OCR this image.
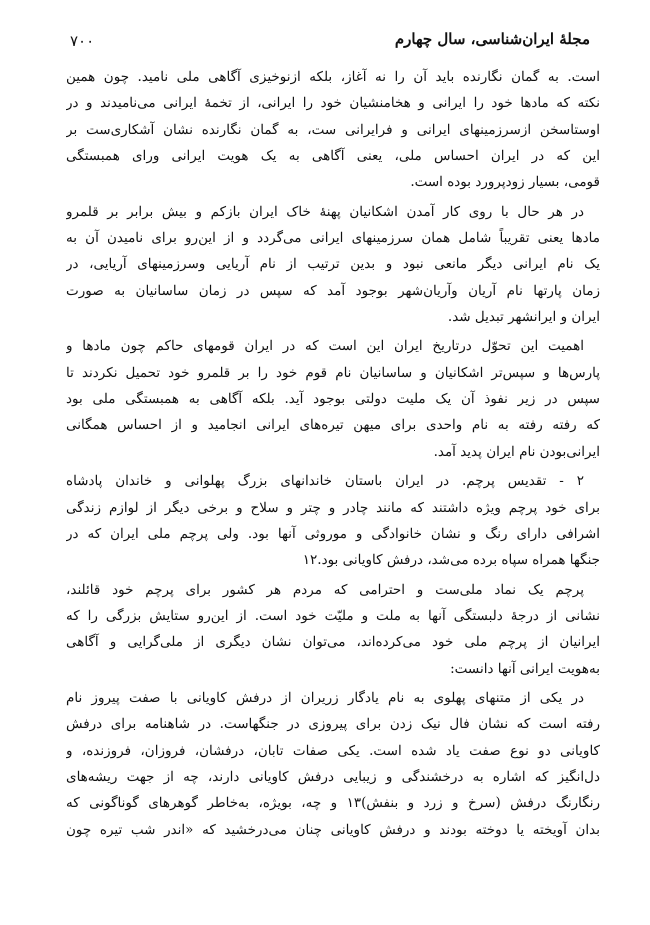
مجلهٔ ایران‌شناسی، سال چهارم
۷۰۰
است. به گمان نگارنده باید آن را نه آغاز، بلکه ازنوخیزی آگاهی ملی نامید. چون همین
نکته که مادها خود را ایرانی و هخامنشیان خود را ایرانی، از تخمهٔ ایرانی می‌نامیدند و در
اوستاسخن ازسرزمینهای ایرانی و فرایرانی ست، به گمان نگارنده نشان آشکاری‌ست بر
این که در ایران احساس ملی، یعنی آگاهی به یک هویت ایرانی ورای همبستگی
قومی، بسیار زودپرورد بوده است.
در هر حال با روی کار آمدن اشکانیان پهنهٔ خاک ایران بازکم و بیش برابر بر قلمرو
مادها یعنی تقریباً شامل همان سرزمینهای ایرانی می‌گردد و از این‌رو برای نامیدن آن به
یک نام ایرانی دیگر مانعی نبود و بدین ترتیب از نام آریایی وسرزمینهای آریایی، در
زمان پارتها نام آریان وآریان‌شهر بوجود آمد که سپس در زمان ساسانیان به صورت
ایران و ایرانشهر تبدیل شد.
اهمیت این تحوّل درتاریخ ایران این است که در ایران قومهای حاکم چون مادها و
پارس‌ها و سپس‌تر اشکانیان و ساسانیان نام قوم خود را بر قلمرو خود تحمیل نکردند تا
سپس در زیر نفوذ آن یک ملیت دولتی بوجود آید. بلکه آگاهی به همبستگی ملی بود
که رفته رفته به نام واحدی برای میهن تیره‌های ایرانی انجامید و از احساس همگانی
ایرانی‌بودن نام ایران پدید آمد.
۲ - تقدیس پرچم. در ایران باستان خاندانهای بزرگ پهلوانی و خاندان پادشاه
برای خود پرچم ویژه داشتند که مانند چادر و چتر و سلاح و برخی دیگر از لوازم زندگی
اشرافی دارای رنگ و نشان خانوادگی و موروثی آنها بود. ولی پرچم ملی ایران که در
جنگها همراه سپاه برده می‌شد، درفش کاویانی بود.۱۲
پرچم یک نماد ملی‌ست و احترامی که مردم هر کشور برای پرچم خود قائلند،
نشانی از درجهٔ دلبستگی آنها به ملت و ملیّت خود است. از این‌رو ستایش بزرگی را که
ایرانیان از پرچم ملی خود می‌کرده‌اند، می‌توان نشان دیگری از ملی‌گرایی و آگاهی
به‌هویت ایرانی آنها دانست:
در یکی از متنهای پهلوی به نام یادگار زریران از درفش کاویانی با صفت پیروز نام
رفته است که نشان فال نیک زدن برای پیروزی در جنگهاست. در شاهنامه برای درفش
کاویانی دو نوع صفت یاد شده است. یکی صفات تابان، درفشان، فروزان، فروزنده، و
دل‌انگیز که اشاره به درخشندگی و زیبایی درفش کاویانی دارند، چه از جهت ریشه‌های
رنگارنگ درفش (سرخ و زرد و بنفش)۱۳ و چه، بویژه، به‌خاطر گوهرهای گوناگونی که
بدان آویخته یا دوخته بودند و درفش کاویانی چنان می‌درخشید که «اندر شب تیره چون
